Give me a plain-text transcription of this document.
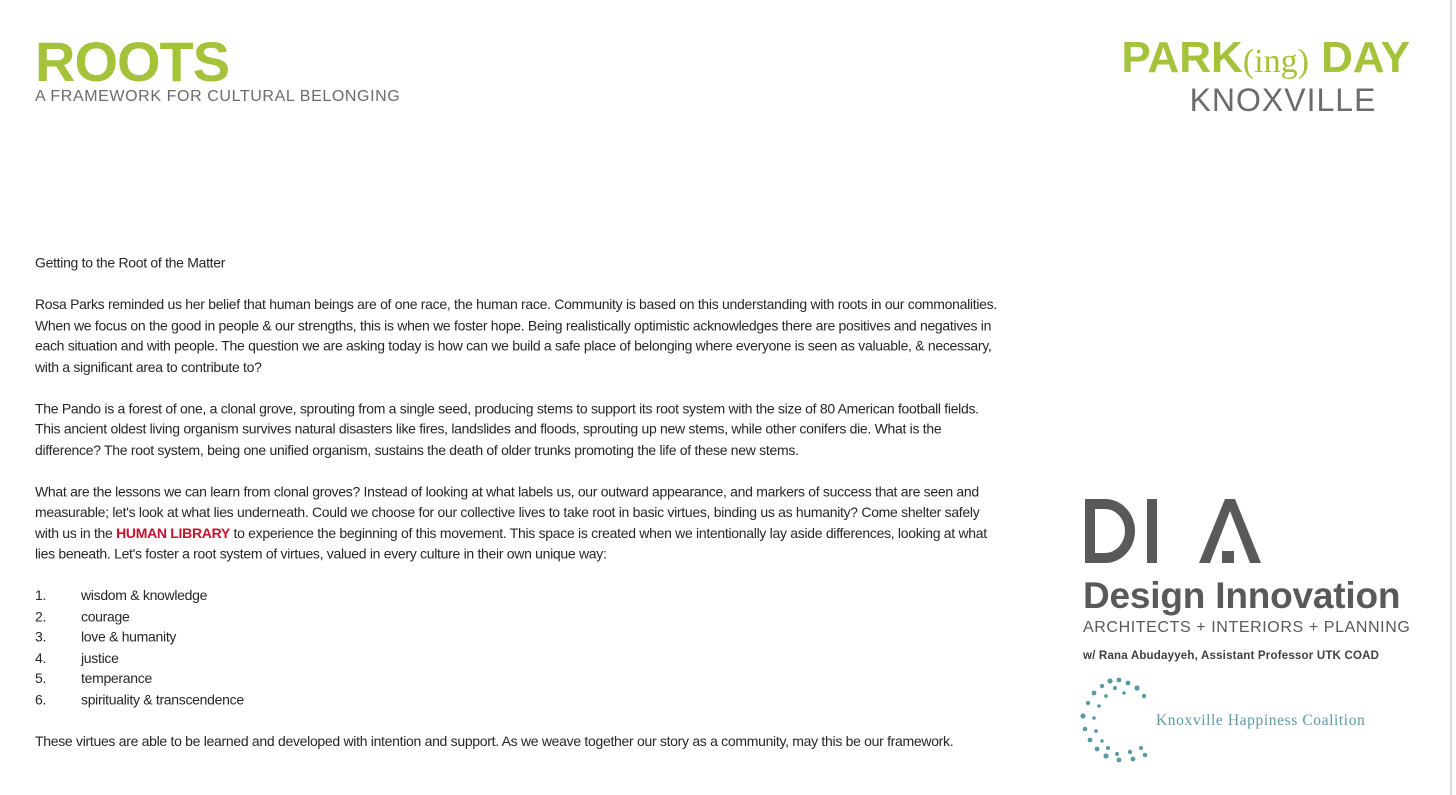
ROOTS
A FRAMEWORK FOR CULTURAL BELONGING
PARK(ing) DAY
KNOXVILLE

Getting to the Root of the Matter

Rosa Parks reminded us her belief that human beings are of one race, the human race. Community is based on this understanding with roots in our commonalities. When we focus on the good in people & our strengths, this is when we foster hope. Being realistically optimistic acknowledges there are positives and negatives in each situation and with people. The question we are asking today is how can we build a safe place of belonging where everyone is seen as valuable, & necessary, with a significant area to contribute to?

The Pando is a forest of one, a clonal grove, sprouting from a single seed, producing stems to support its root system with the size of 80 American football fields. This ancient oldest living organism survives natural disasters like fires, landslides and floods, sprouting up new stems, while other conifers die. What is the difference? The root system, being one unified organism, sustains the death of older trunks promoting the life of these new stems.

What are the lessons we can learn from clonal groves? Instead of looking at what labels us, our outward appearance, and markers of success that are seen and measurable; let's look at what lies underneath. Could we choose for our collective lives to take root in basic virtues, binding us as humanity? Come shelter safely with us in the HUMAN LIBRARY to experience the beginning of this movement. This space is created when we intentionally lay aside differences, looking at what lies beneath. Let's foster a root system of virtues, valued in every culture in their own unique way:

1.	wisdom & knowledge
2.	courage
3.	love & humanity
4.	justice
5.	temperance
6.	spirituality & transcendence

These virtues are able to be learned and developed with intention and support. As we weave together our story as a community, may this be our framework.

Design Innovation
ARCHITECTS + INTERIORS + PLANNING
w/ Rana Abudayyeh, Assistant Professor UTK COAD
Knoxville Happiness Coalition
